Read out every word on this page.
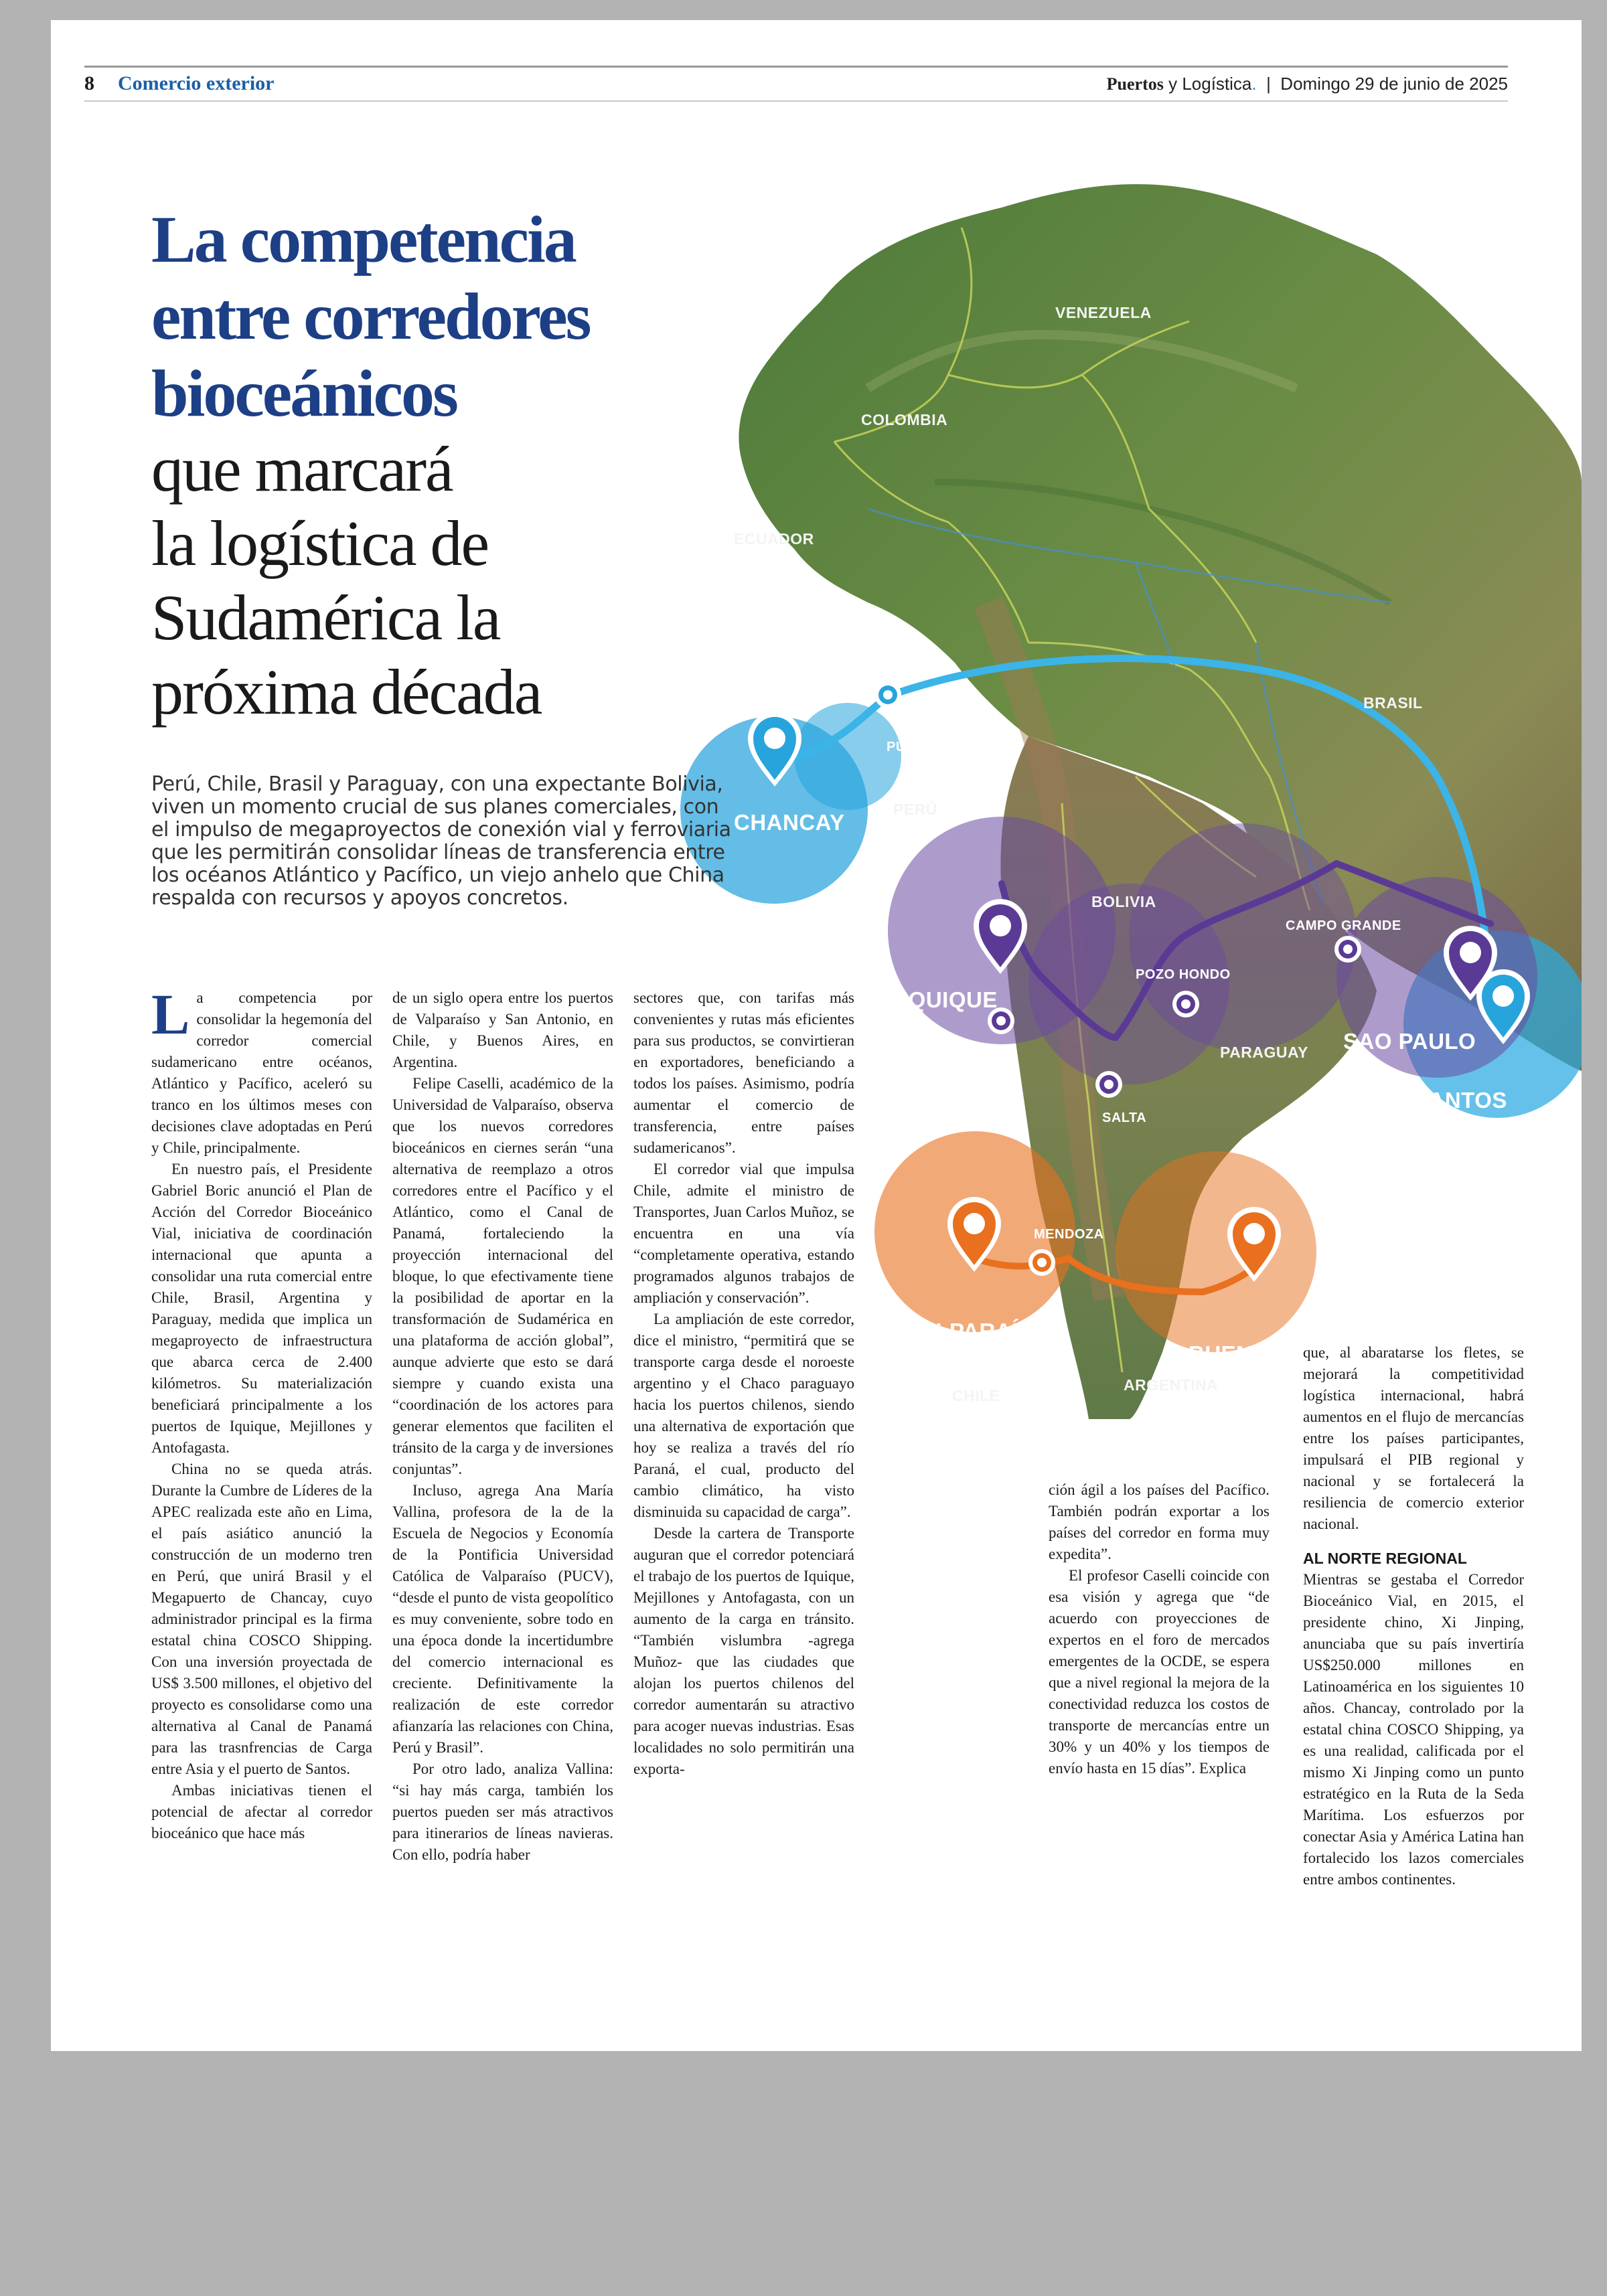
8 Comercio exterior	Puertos y Logística.  |  Domingo 29 de junio de 2025
VENEZUELA
COLOMBIA
ECUADOR
BRASIL
PERÚ
BOLIVIA
PARAGUAY
ARGENTINA
CHILE
CHANCAY
PUCALLPA
IQUIQUE
MEJILLONES
SALTA
POZO HONDO
CAMPO GRANDE
SAO PAULO
SANTOS
VALPARAÍSO
MENDOZA
BUENOS AIRES
La competencia
entre corredores
bioceánicos
que marcará
la logística de
Sudamérica la
próxima década
Perú, Chile, Brasil y Paraguay, con una expectante Bolivia, viven un momento crucial de sus planes comerciales, con el impulso de megaproyectos de conexión vial y ferroviaria que les permitirán consolidar líneas de transferencia entre los océanos Atlántico y Pacífico, un viejo anhelo que China respalda con recursos y apoyos concretos.

La competencia por consolidar la hegemonía del corredor comercial sudamericano entre océanos, Atlántico y Pacífico, aceleró su tranco en los últimos meses con decisiones clave adoptadas en Perú y Chile, principalmente.

En nuestro país, el Presidente Gabriel Boric anunció el Plan de Acción del Corredor Bioceánico Vial, iniciativa de coordinación internacional que apunta a consolidar una ruta comercial entre Chile, Brasil, Argentina y Paraguay, medida que implica un megaproyecto de infraestructura que abarca cerca de 2.400 kilómetros. Su materialización beneficiará principalmente a los puertos de Iquique, Mejillones y Antofagasta.

China no se queda atrás. Durante la Cumbre de Líderes de la APEC realizada este año en Lima, el país asiático anunció la construcción de un moderno tren en Perú, que unirá Brasil y el Megapuerto de Chancay, cuyo administrador principal es la firma estatal china COSCO Shipping. Con una inversión proyectada de US$ 3.500 millones, el objetivo del proyecto es consolidarse como una alternativa al Canal de Panamá para las trasnfrencias de Carga entre Asia y el puerto de Santos.

Ambas iniciativas tienen el potencial de afectar al corredor bioceánico que hace más

de un siglo opera entre los puertos de Valparaíso y San Antonio, en Chile, y Buenos Aires, en Argentina.

Felipe Caselli, académico de la Universidad de Valparaíso, observa que los nuevos corredores bioceánicos en ciernes serán “una alternativa de reemplazo a otros corredores entre el Pacífico y el Atlántico, como el Canal de Panamá, fortaleciendo la proyección internacional del bloque, lo que efectivamente tiene la posibilidad de aportar en la transformación de Sudamérica en una plataforma de acción global”, aunque advierte que esto se dará siempre y cuando exista una “coordinación de los actores para generar elementos que faciliten el tránsito de la carga y de inversiones conjuntas”.

Incluso, agrega Ana María Vallina, profesora de la de la Escuela de Negocios y Economía de la Pontificia Universidad Católica de Valparaíso (PUCV), “desde el punto de vista geopolítico es muy conveniente, sobre todo en una época donde la incertidumbre del comercio internacional es creciente. Definitivamente la realización de este corredor afianzaría las relaciones con China, Perú y Brasil”.

Por otro lado, analiza Vallina: “si hay más carga, también los puertos pueden ser más atractivos para itinerarios de líneas navieras. Con ello, podría haber

sectores que, con tarifas más convenientes y rutas más eficientes para sus productos, se convirtieran en exportadores, beneficiando a todos los países. Asimismo, podría aumentar el comercio de transferencia, entre países sudamericanos”.

El corredor vial que impulsa Chile, admite el ministro de Transportes, Juan Carlos Muñoz, se encuentra en una vía “completamente operativa, estando programados algunos trabajos de ampliación y conservación”.

La ampliación de este corredor, dice el ministro, “permitirá que se transporte carga desde el noroeste argentino y el Chaco paraguayo hacia los puertos chilenos, siendo una alternativa de exportación que hoy se realiza a través del río Paraná, el cual, producto del cambio climático, ha visto disminuida su capacidad de carga”.

Desde la cartera de Transporte auguran que el corredor potenciará el trabajo de los puertos de Iquique, Mejillones y Antofagasta, con un aumento de la carga en tránsito. “También vislumbra -agrega Muñoz- que las ciudades que alojan los puertos chilenos del corredor aumentarán su atractivo para acoger nuevas industrias. Esas localidades no solo permitirán una exporta-

ción ágil a los países del Pacífico. También podrán exportar a los países del corredor en forma muy expedita”.

El profesor Caselli coincide con esa visión y agrega que “de acuerdo con proyecciones de expertos en el foro de mercados emergentes de la OCDE, se espera que a nivel regional la mejora de la conectividad reduzca los costos de transporte de mercancías entre un 30% y un 40% y los tiempos de envío hasta en 15 días”. Explica

que, al abaratarse los fletes, se mejorará la competitividad logística internacional, habrá aumentos en el flujo de mercancías entre los países participantes, impulsará el PIB regional y nacional y se fortalecerá la resiliencia de comercio exterior nacional.

AL NORTE REGIONAL

Mientras se gestaba el Corredor Bioceánico Vial, en 2015, el presidente chino, Xi Jinping, anunciaba que su país invertiría US$250.000 millones en Latinoamérica en los siguientes 10 años. Chancay, controlado por la estatal china COSCO Shipping, ya es una realidad, calificada por el mismo Xi Jinping como un punto estratégico en la Ruta de la Seda Marítima. Los esfuerzos por conectar Asia y América Latina han fortalecido los lazos comerciales entre ambos continentes.
